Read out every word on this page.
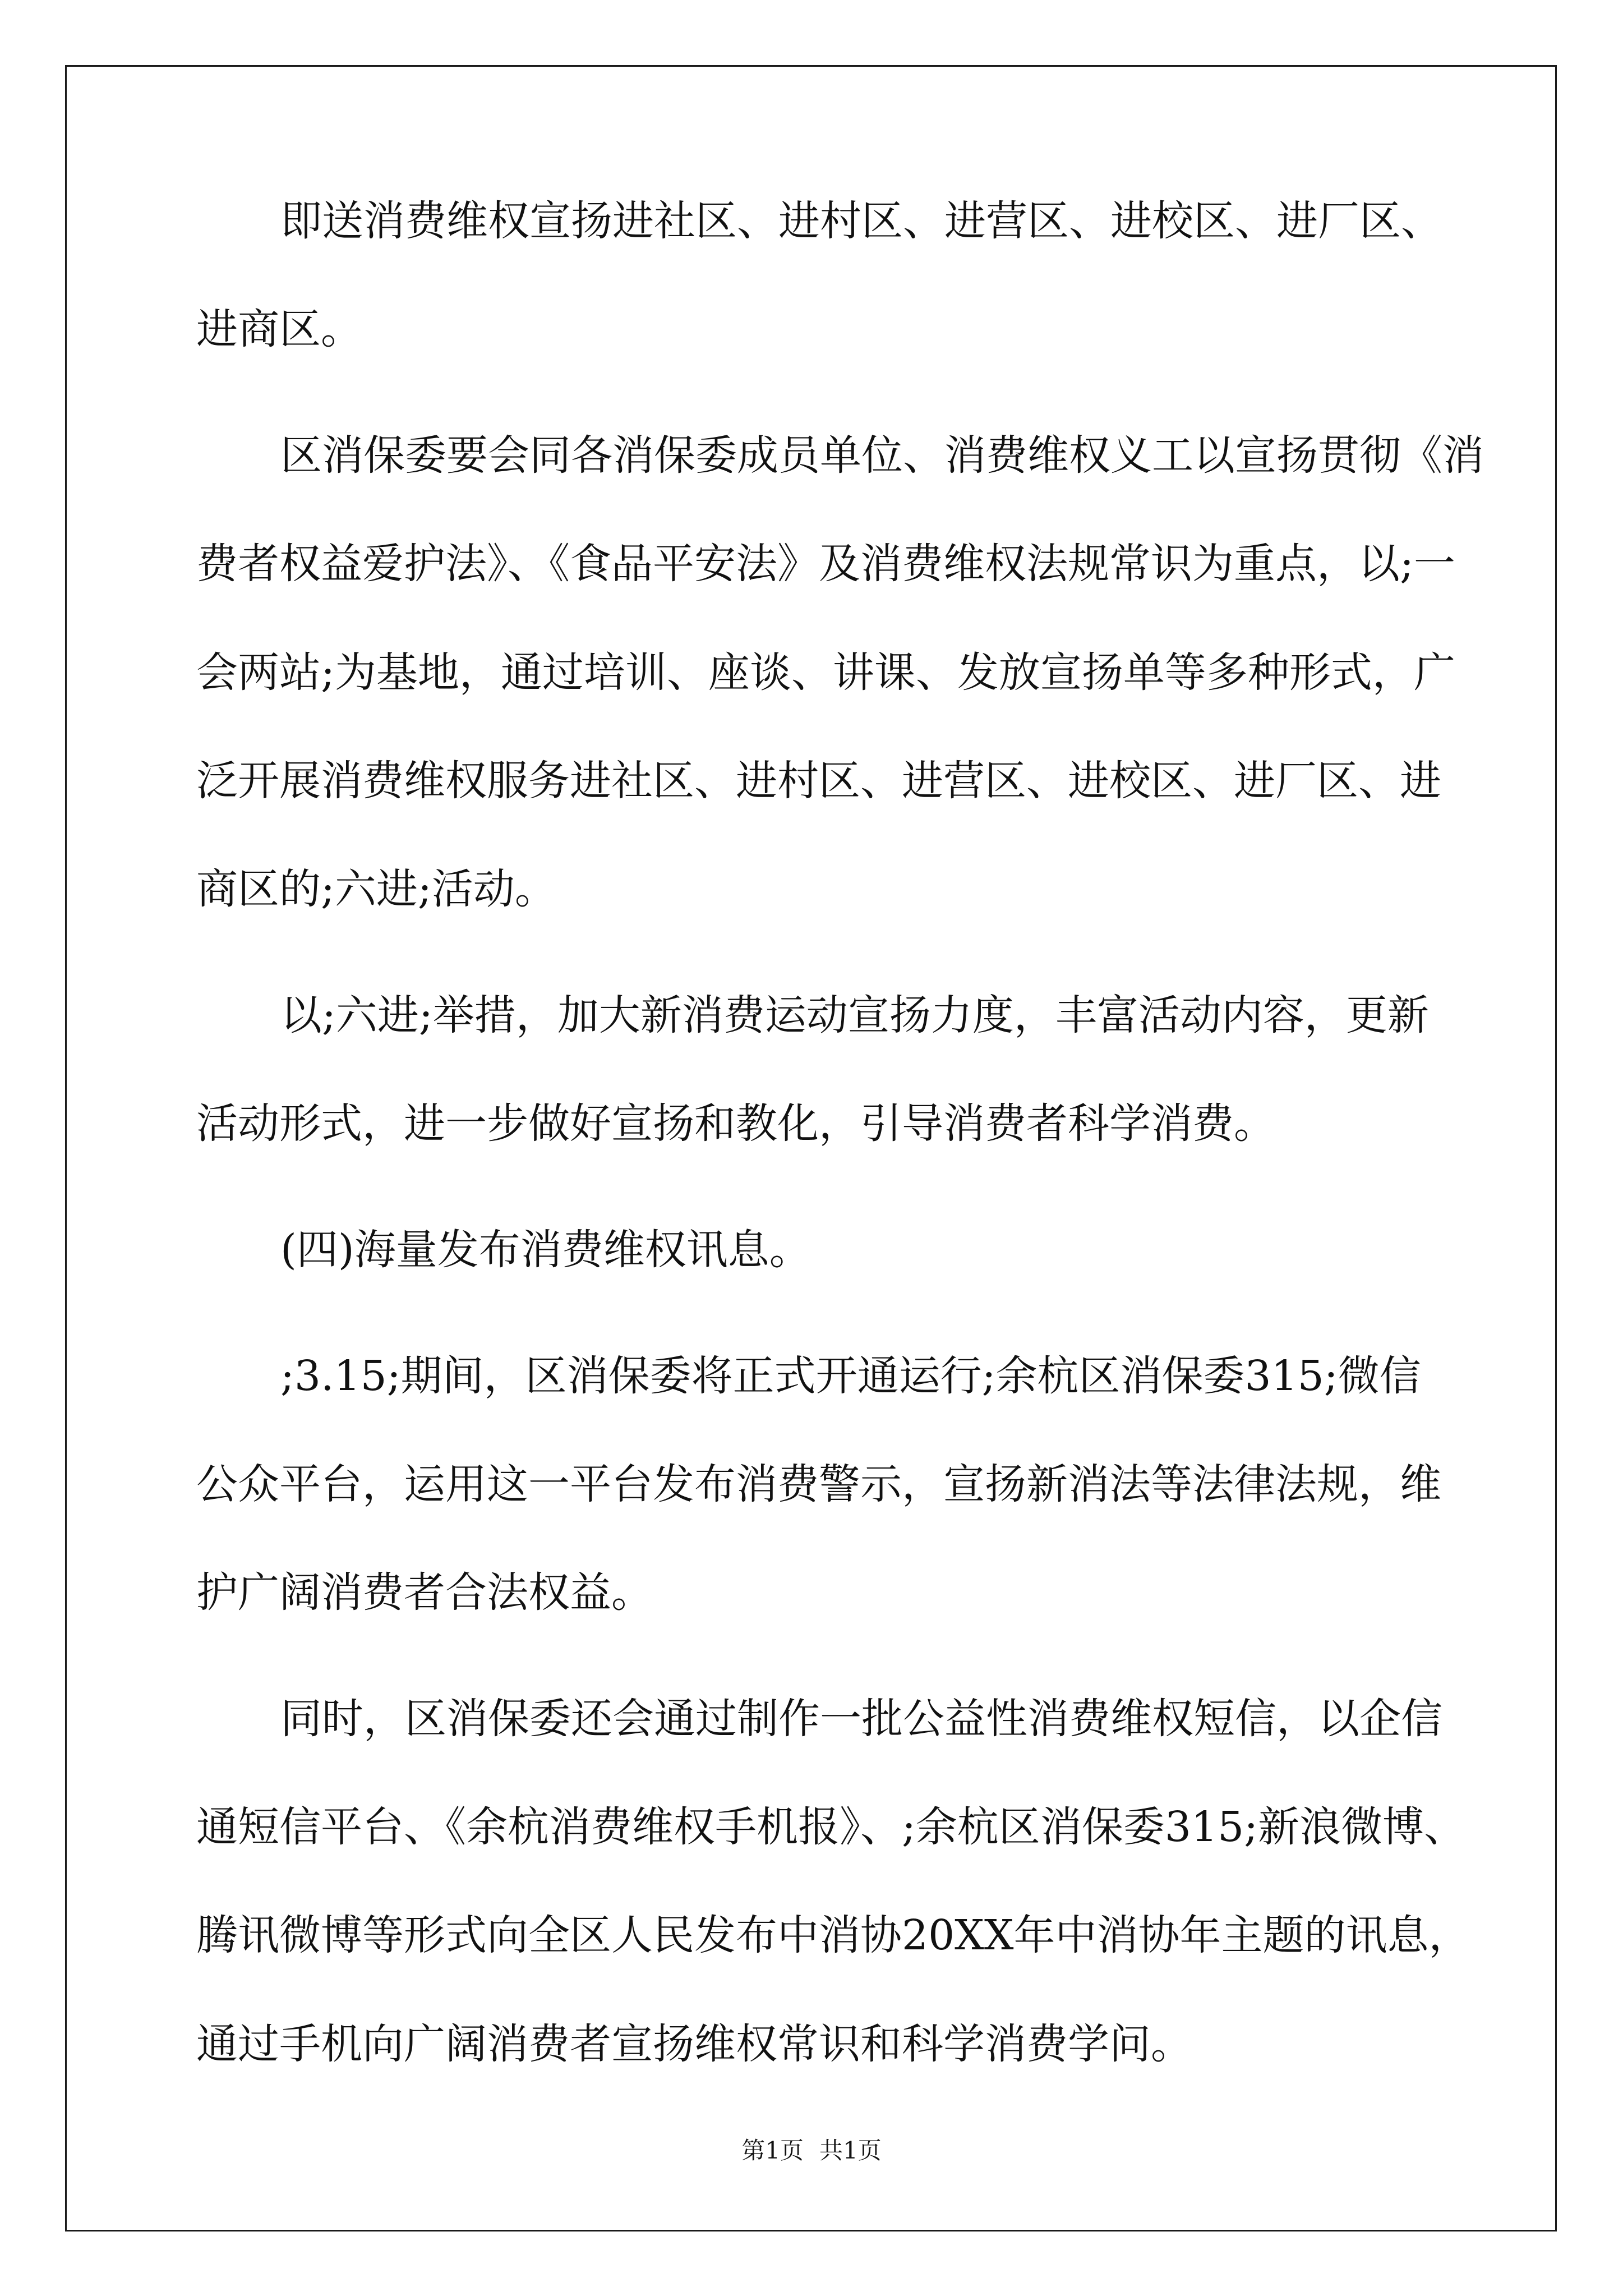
即送消费维权宣扬进社区、进村区、进营区、进校区、进厂区、
进商区。
区消保委要会同各消保委成员单位、消费维权义工以宣扬贯彻《消
费者权益爱护法》、《食品平安法》及消费维权法规常识为重点，以;一
会两站;为基地，通过培训、座谈、讲课、发放宣扬单等多种形式，广
泛开展消费维权服务进社区、进村区、进营区、进校区、进厂区、进
商区的;六进;活动。
以;六进;举措，加大新消费运动宣扬力度，丰富活动内容，更新
活动形式，进一步做好宣扬和教化，引导消费者科学消费。
(四)海量发布消费维权讯息。
;3.15;期间，区消保委将正式开通运行;余杭区消保委315;微信
公众平台，运用这一平台发布消费警示，宣扬新消法等法律法规，维
护广阔消费者合法权益。
同时，区消保委还会通过制作一批公益性消费维权短信，以企信
通短信平台、《余杭消费维权手机报》、;余杭区消保委315;新浪微博、
腾讯微博等形式向全区人民发布中消协20XX年中消协年主题的讯息，
通过手机向广阔消费者宣扬维权常识和科学消费学问。
第1页 共1页
